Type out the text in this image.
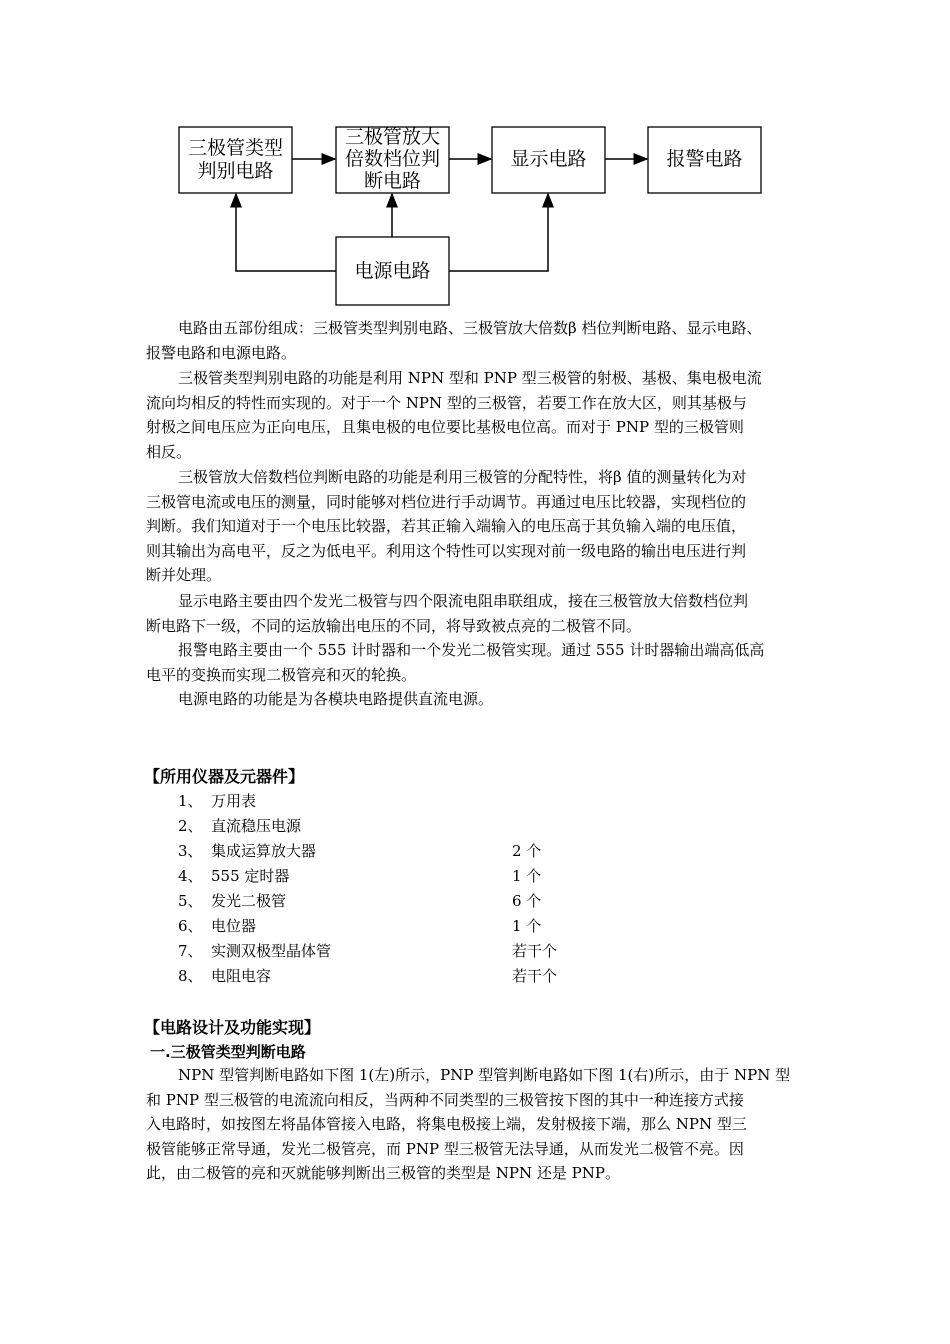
三极管类型
判别电路
三极管放大
倍数档位判
断电路
显示电路	报警电路
电源电路
电路由五部份组成：三极管类型判别电路、三极管放大倍数β 档位判断电路、显示电路、
报警电路和电源电路。
三极管类型判别电路的功能是利用 NPN 型和 PNP 型三极管的射极、基极、集电极电流
流向均相反的特性而实现的。对于一个 NPN 型的三极管，若要工作在放大区，则其基极与
射极之间电压应为正向电压，且集电极的电位要比基极电位高。而对于 PNP 型的三极管则
相反。
三极管放大倍数档位判断电路的功能是利用三极管的分配特性，将β 值的测量转化为对
三极管电流或电压的测量，同时能够对档位进行手动调节。再通过电压比较器，实现档位的
判断。我们知道对于一个电压比较器，若其正输入端输入的电压高于其负输入端的电压值，
则其输出为高电平，反之为低电平。利用这个特性可以实现对前一级电路的输出电压进行判
断并处理。
显示电路主要由四个发光二极管与四个限流电阻串联组成，接在三极管放大倍数档位判
断电路下一级，不同的运放输出电压的不同，将导致被点亮的二极管不同。
报警电路主要由一个 555 计时器和一个发光二极管实现。通过 555 计时器输出端高低高
电平的变换而实现二极管亮和灭的轮换。
电源电路的功能是为各模块电路提供直流电源。
【所用仪器及元器件】
1、 万用表
2、 直流稳压电源
3、 集成运算放大器	2 个
4、 555 定时器	1 个
5、 发光二极管	6 个
6、 电位器	1 个
7、 实测双极型晶体管	若干个
8、 电阻电容	若干个
【电路设计及功能实现】
一.三极管类型判断电路
NPN 型管判断电路如下图 1(左)所示，PNP 型管判断电路如下图 1(右)所示，由于 NPN 型
和 PNP 型三极管的电流流向相反，当两种不同类型的三极管按下图的其中一种连接方式接
入电路时，如按图左将晶体管接入电路，将集电极接上端，发射极接下端，那么 NPN 型三
极管能够正常导通，发光二极管亮，而 PNP 型三极管无法导通，从而发光二极管不亮。因
此，由二极管的亮和灭就能够判断出三极管的类型是 NPN 还是 PNP。
